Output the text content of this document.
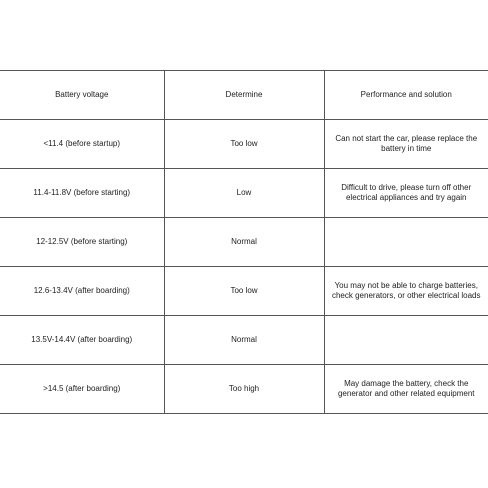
Battery voltage	Determine	Performance and solution
<11.4 (before startup)	Too low	Can not start the car, please replace the battery in time
11.4-11.8V (before starting)	Low	Difficult to drive, please turn off other electrical appliances and try again
12-12.5V (before starting)	Normal	
12.6-13.4V (after boarding)	Too low	You may not be able to charge batteries, check generators, or other electrical loads
13.5V-14.4V (after boarding)	Normal	
>14.5 (after boarding)	Too high	May damage the battery, check the generator and other related equipment
